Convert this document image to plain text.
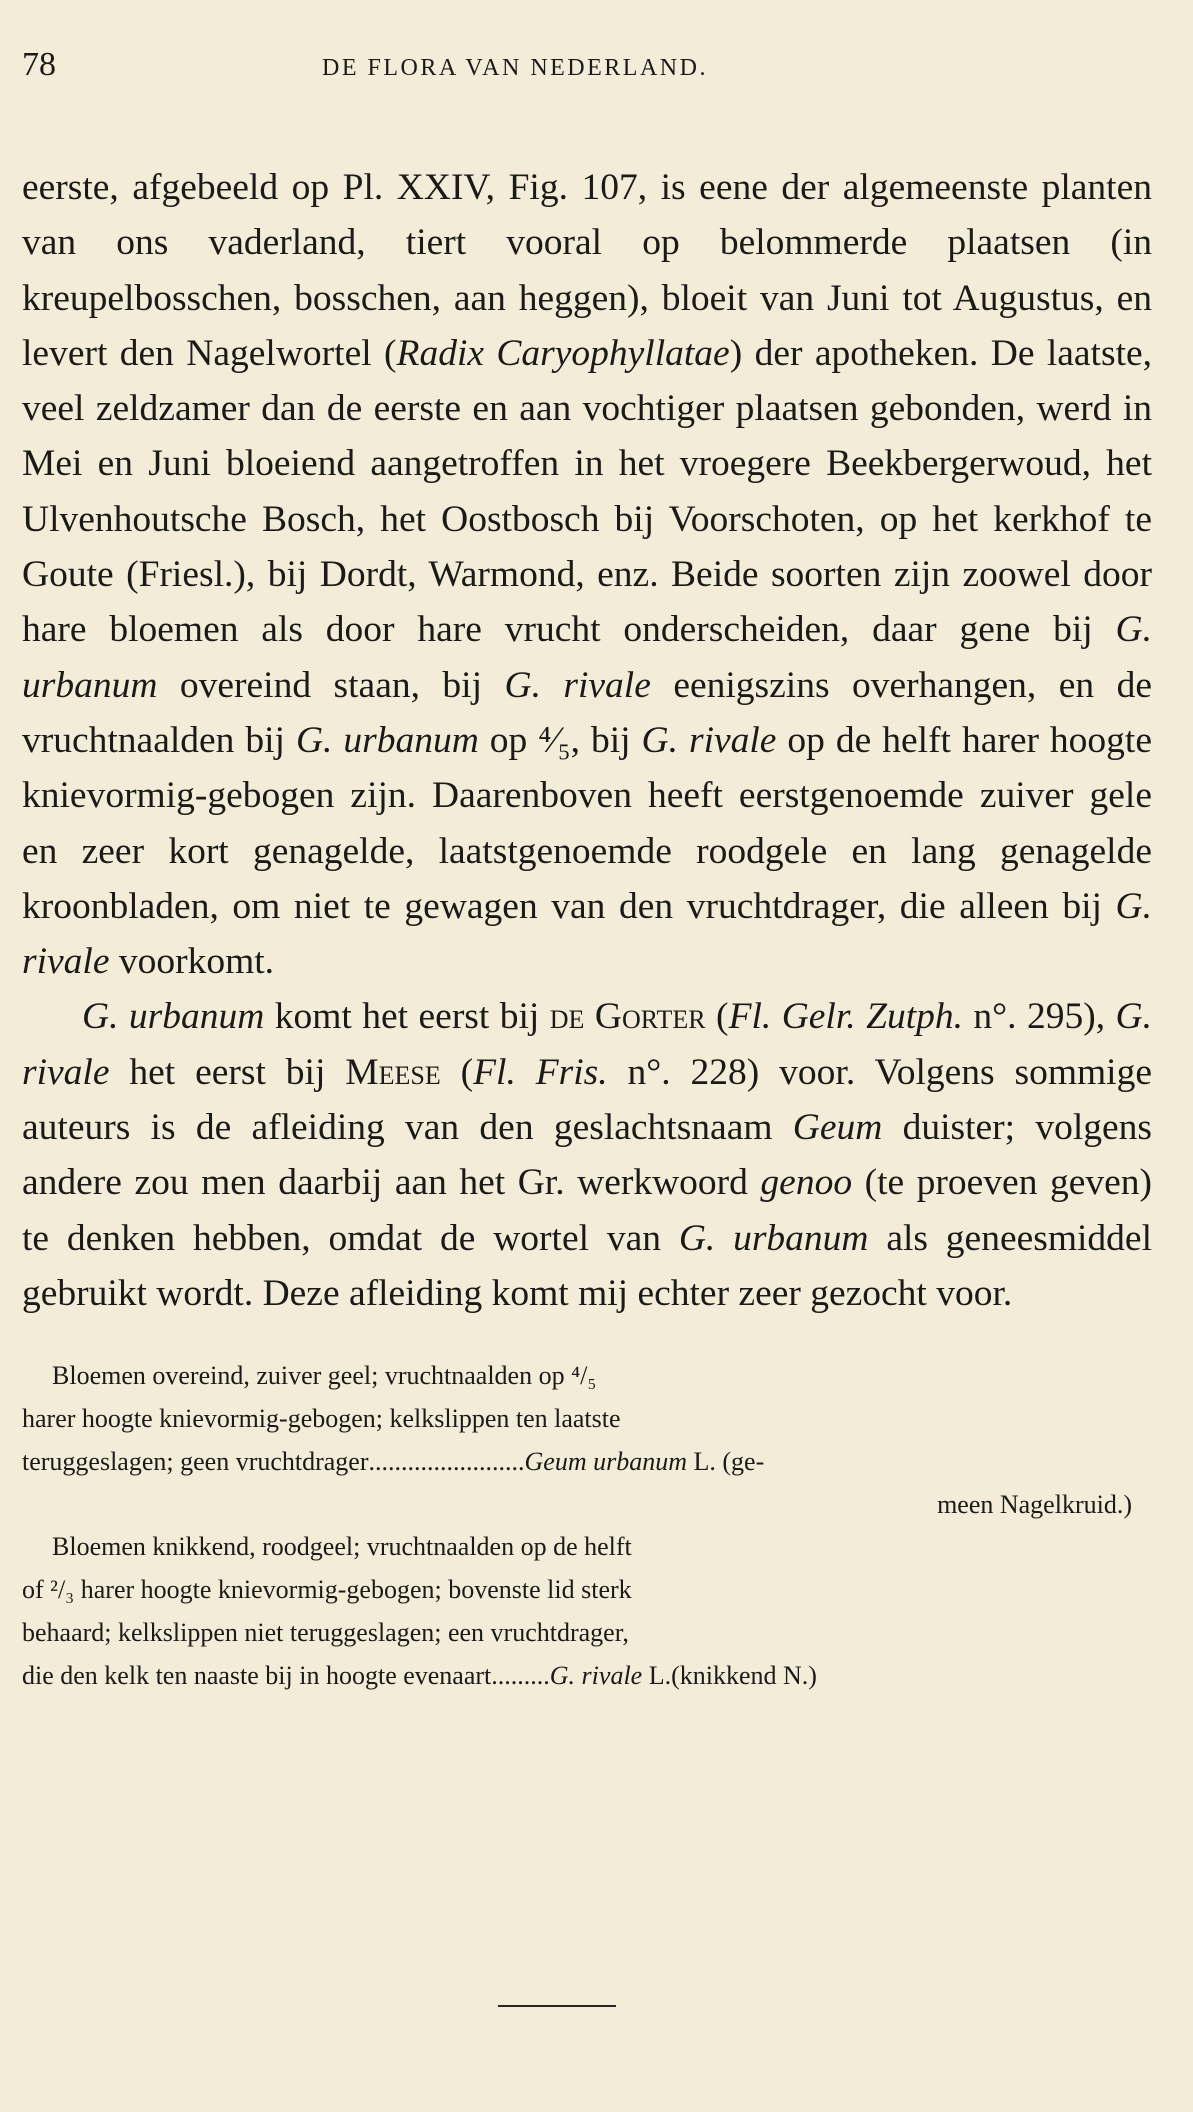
78	DE FLORA VAN NEDERLAND.

eerste, afgebeeld op Pl. XXIV, Fig. 107, is eene der algemeenste planten van ons vaderland, tiert vooral op belommerde plaatsen (in kreupelbosschen, bosschen, aan heggen), bloeit van Juni tot Augustus, en levert den Nagelwortel (Radix Caryophyllatae) der apotheken. De laatste, veel zeldzamer dan de eerste en aan vochtiger plaatsen gebonden, werd in Mei en Juni bloeiend aangetroffen in het vroegere Beekbergerwoud, het Ulvenhoutsche Bosch, het Oostbosch bij Voorschoten, op het kerkhof te Goute (Friesl.), bij Dordt, Warmond, enz. Beide soorten zijn zoowel door hare bloemen als door hare vrucht onderscheiden, daar gene bij G. urbanum overeind staan, bij G. rivale eenigszins overhangen, en de vruchtnaalden bij G. urbanum op ⁴⁄₅, bij G. rivale op de helft harer hoogte knievormig-gebogen zijn. Daarenboven heeft eerstgenoemde zuiver gele en zeer kort genagelde, laatstgenoemde roodgele en lang genagelde kroonbladen, om niet te gewagen van den vruchtdrager, die alleen bij G. rivale voorkomt.

G. urbanum komt het eerst bij de Gorter (Fl. Gelr. Zutph. n°. 295), G. rivale het eerst bij Meese (Fl. Fris. n°. 228) voor. Volgens sommige auteurs is de afleiding van den geslachtsnaam Geum duister; volgens andere zou men daarbij aan het Gr. werkwoord genoo (te proeven geven) te denken hebben, omdat de wortel van G. urbanum als geneesmiddel gebruikt wordt. Deze afleiding komt mij echter zeer gezocht voor.

Bloemen overeind, zuiver geel; vruchtnaalden op ⁴/₅
harer hoogte knievormig-gebogen; kelkslippen ten laatste
teruggeslagen; geen vruchtdrager........................Geum urbanum L. (ge-
meen Nagelkruid.)
Bloemen knikkend, roodgeel; vruchtnaalden op de helft
of ²/₃ harer hoogte knievormig-gebogen; bovenste lid sterk
behaard; kelkslippen niet teruggeslagen; een vruchtdrager,
die den kelk ten naaste bij in hoogte evenaart.........G. rivale L.(knikkend N.)
